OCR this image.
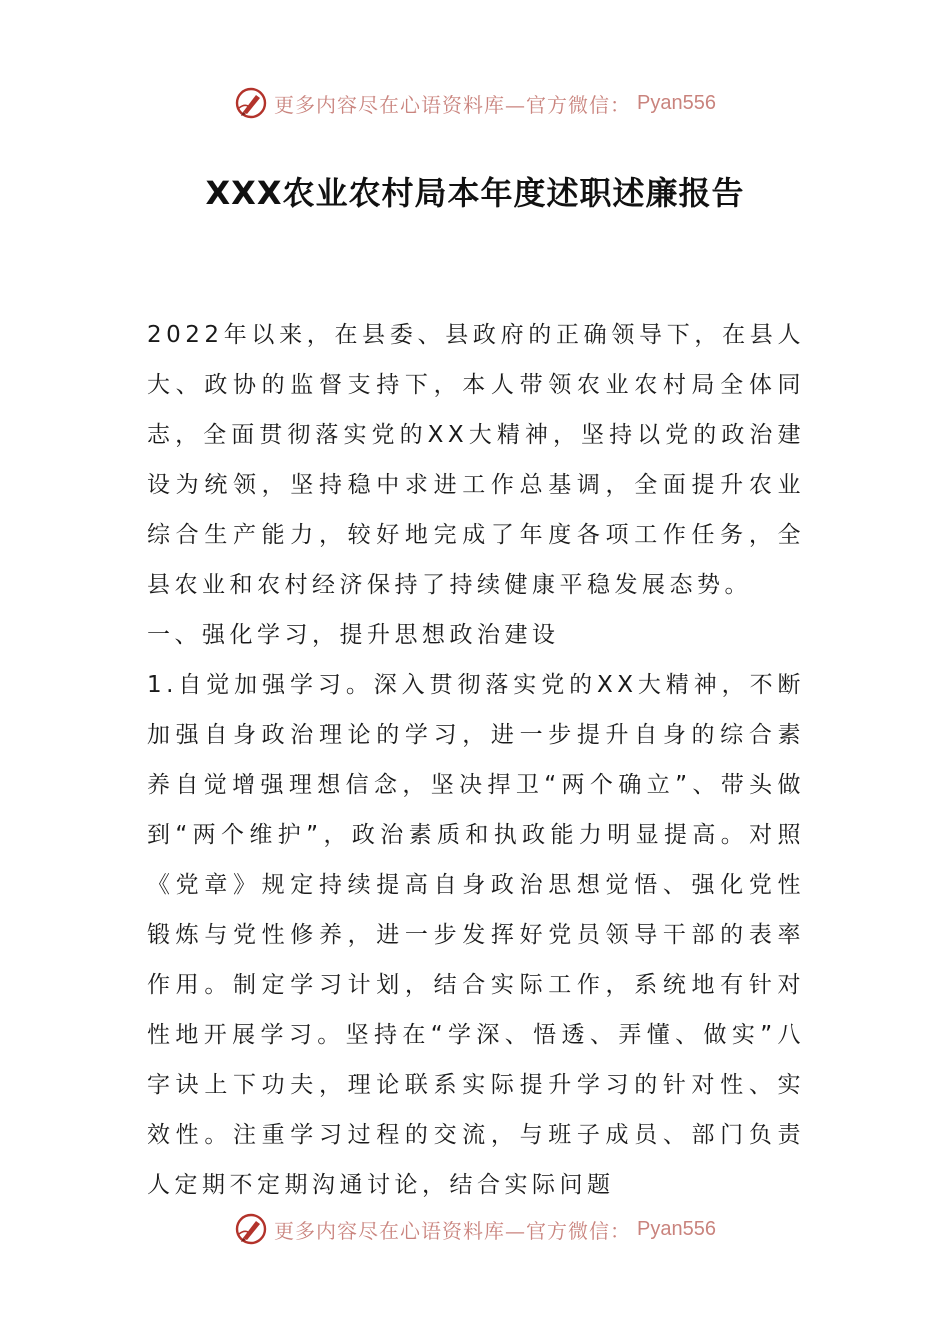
更多内容尽在心语资料库—官方微信： Pyan556
XXX农业农村局本年度述职述廉报告

2022年以来，在县委、县政府的正确领导下，在县人大、政协的监督支持下，本人带领农业农村局全体同志，全面贯彻落实党的XX大精神，坚持以党的政治建设为统领，坚持稳中求进工作总基调，全面提升农业综合生产能力，较好地完成了年度各项工作任务，全县农业和农村经济保持了持续健康平稳发展态势。

一、强化学习，提升思想政治建设

1.自觉加强学习。深入贯彻落实党的XX大精神，不断加强自身政治理论的学习，进一步提升自身的综合素养自觉增强理想信念，坚决捍卫“两个确立”、带头做到“两个维护”，政治素质和执政能力明显提高。对照《党章》规定持续提高自身政治思想觉悟、强化党性锻炼与党性修养，进一步发挥好党员领导干部的表率作用。制定学习计划，结合实际工作，系统地有针对性地开展学习。坚持在“学深、悟透、弄懂、做实”八字诀上下功夫，理论联系实际提升学习的针对性、实效性。注重学习过程的交流，与班子成员、部门负责人定期不定期沟通讨论，结合实际问题

更多内容尽在心语资料库—官方微信： Pyan556
